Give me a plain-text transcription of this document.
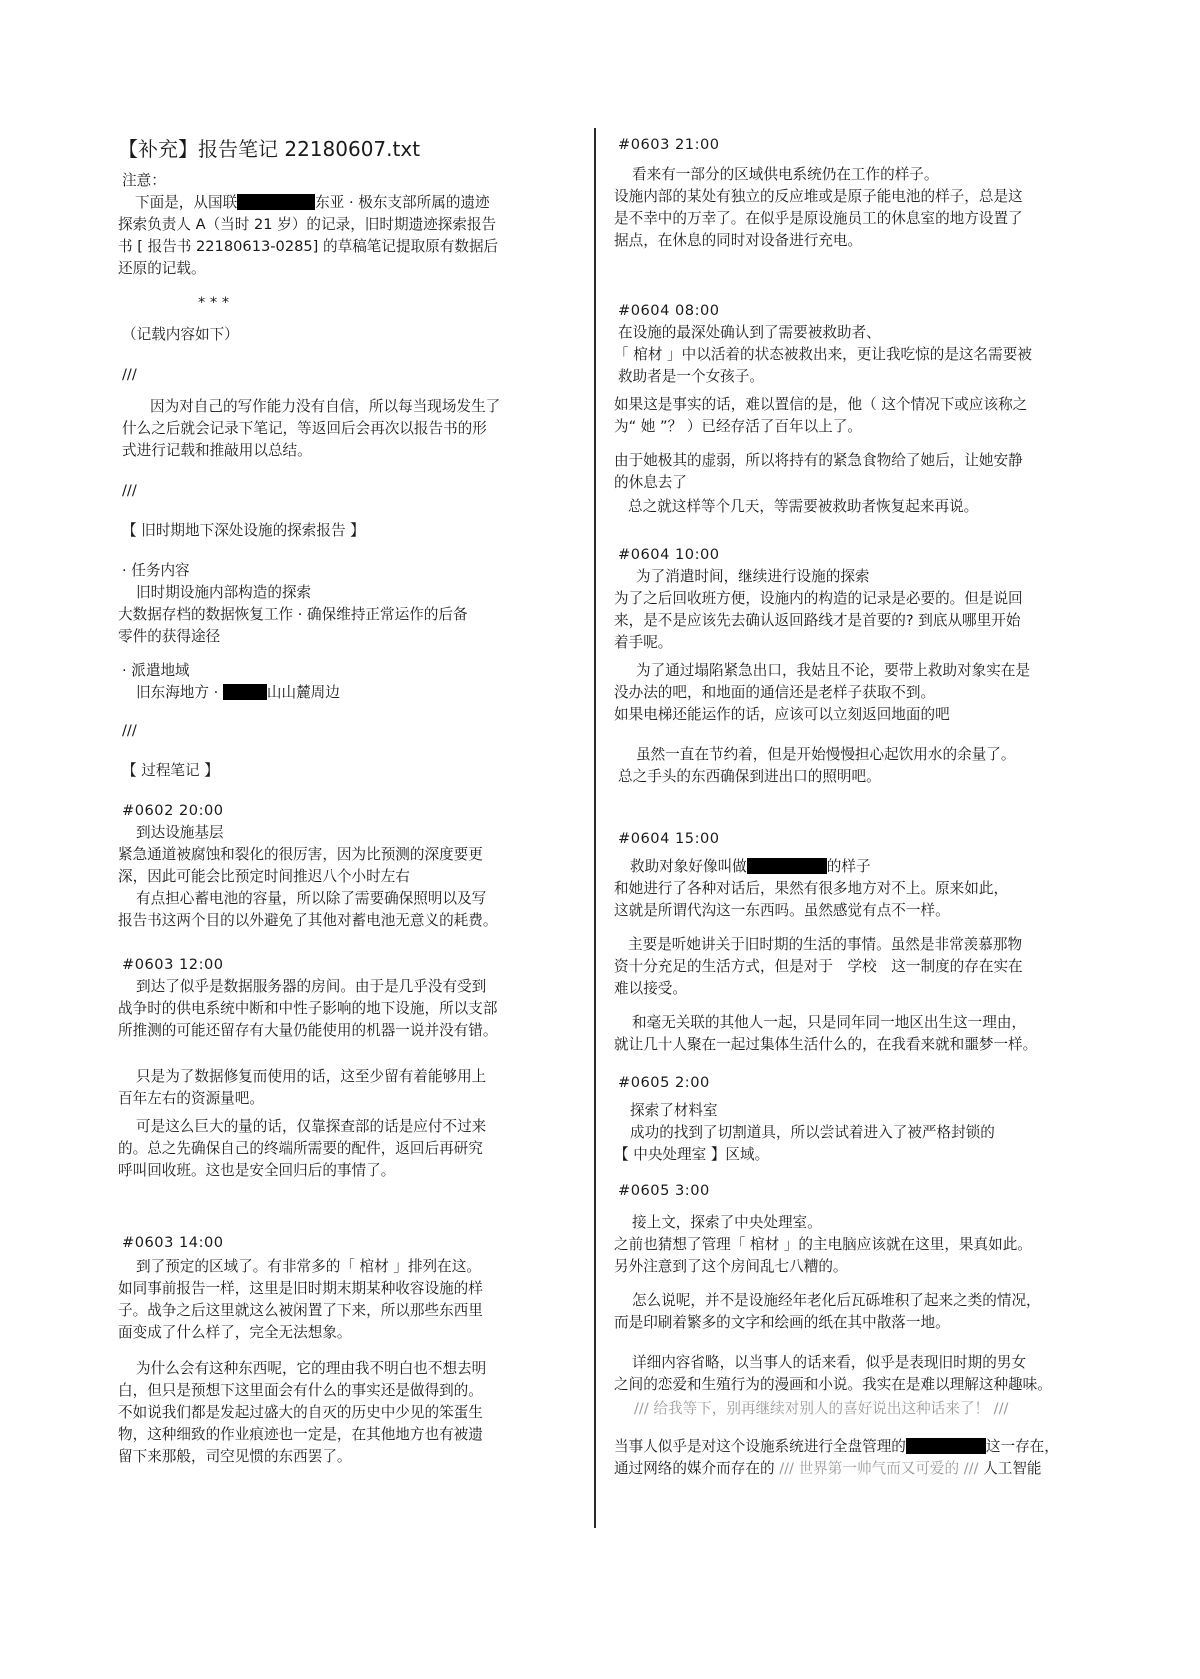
【补充】报告笔记 22180607.txt
注意：
下面是，从国联	东亚 · 极东支部所属的遗迹
探索负责人 A（当时 21 岁）的记录，旧时期遗迹探索报告
书 [ 报告书 22180613-0285] 的草稿笔记提取原有数据后
还原的记载。
* * *
（记载内容如下）
///
因为对自己的写作能力没有自信，所以每当现场发生了
什么之后就会记录下笔记，等返回后会再次以报告书的形
式进行记载和推敲用以总结。
///
【 旧时期地下深处设施的探索报告 】
· 任务内容
旧时期设施内部构造的探索
大数据存档的数据恢复工作 · 确保维持正常运作的后备
零件的获得途径
· 派遣地域
旧东海地方 ·	山山麓周边
///
【 过程笔记 】
#0602 20:00
到达设施基层
紧急通道被腐蚀和裂化的很厉害，因为比预测的深度要更
深，因此可能会比预定时间推迟八个小时左右
有点担心蓄电池的容量，所以除了需要确保照明以及写
报告书这两个目的以外避免了其他对蓄电池无意义的耗费。
#0603 12:00
到达了似乎是数据服务器的房间。由于是几乎没有受到
战争时的供电系统中断和中性子影响的地下设施，所以支部
所推测的可能还留存有大量仍能使用的机器一说并没有错。
只是为了数据修复而使用的话，这至少留有着能够用上
百年左右的资源量吧。
可是这么巨大的量的话，仅靠探查部的话是应付不过来
的。总之先确保自己的终端所需要的配件，返回后再研究
呼叫回收班。这也是安全回归后的事情了。
#0603 14:00
到了预定的区域了。有非常多的「 棺材 」排列在这。
如同事前报告一样，这里是旧时期末期某种收容设施的样
子。战争之后这里就这么被闲置了下来，所以那些东西里
面变成了什么样了，完全无法想象。
为什么会有这种东西呢，它的理由我不明白也不想去明
白，但只是预想下这里面会有什么的事实还是做得到的。
不如说我们都是发起过盛大的自灭的历史中少见的笨蛋生
物，这种细致的作业痕迹也一定是，在其他地方也有被遗
留下来那般，司空见惯的东西罢了。
#0603 21:00
看来有一部分的区域供电系统仍在工作的样子。
设施内部的某处有独立的反应堆或是原子能电池的样子，总是这
是不幸中的万幸了。在似乎是原设施员工的休息室的地方设置了
据点，在休息的同时对设备进行充电。
#0604 08:00
在设施的最深处确认到了需要被救助者、
「 棺材 」中以活着的状态被救出来，更让我吃惊的是这名需要被
救助者是一个女孩子。
如果这是事实的话，难以置信的是，他（ 这个情况下或应该称之
为“ 她 ”？ ）已经存活了百年以上了。
由于她极其的虚弱，所以将持有的紧急食物给了她后，让她安静
的休息去了
总之就这样等个几天，等需要被救助者恢复起来再说。
#0604 10:00
为了消遣时间，继续进行设施的探索
为了之后回收班方便，设施内的构造的记录是必要的。但是说回
来，是不是应该先去确认返回路线才是首要的? 到底从哪里开始
着手呢。
为了通过塌陷紧急出口，我姑且不论，要带上救助对象实在是
没办法的吧，和地面的通信还是老样子获取不到。
如果电梯还能运作的话，应该可以立刻返回地面的吧
虽然一直在节约着，但是开始慢慢担心起饮用水的余量了。
总之手头的东西确保到进出口的照明吧。
#0604 15:00
救助对象好像叫做	的样子
和她进行了各种对话后，果然有很多地方对不上。原来如此，
这就是所谓代沟这一东西吗。虽然感觉有点不一样。
主要是听她讲关于旧时期的生活的事情。虽然是非常羡慕那物
资十分充足的生活方式，但是对于　学校　这一制度的存在实在
难以接受。
和毫无关联的其他人一起，只是同年同一地区出生这一理由，
就让几十人聚在一起过集体生活什么的，在我看来就和噩梦一样。
#0605 2:00
探索了材料室
成功的找到了切割道具，所以尝试着进入了被严格封锁的
【 中央处理室 】区域。
#0605 3:00
接上文，探索了中央处理室。
之前也猜想了管理「 棺材 」的主电脑应该就在这里，果真如此。
另外注意到了这个房间乱七八糟的。
怎么说呢，并不是设施经年老化后瓦砾堆积了起来之类的情况，
而是印刷着繁多的文字和绘画的纸在其中散落一地。
详细内容省略，以当事人的话来看，似乎是表现旧时期的男女
之间的恋爱和生殖行为的漫画和小说。我实在是难以理解这种趣味。
/// 给我等下，别再继续对别人的喜好说出这种话来了！ ///
当事人似乎是对这个设施系统进行全盘管理的	这一存在，
通过网络的媒介而存在的 /// 世界第一帅气而又可爱的 /// 人工智能
